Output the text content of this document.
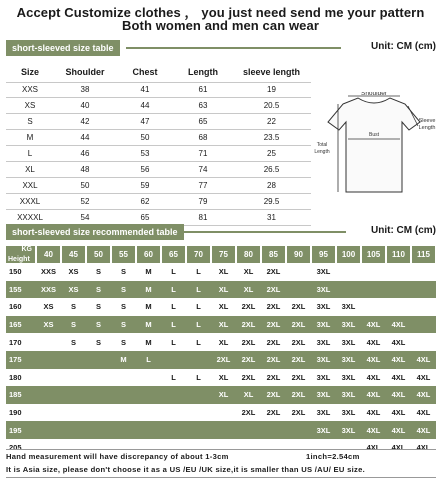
Accept Customize clothes ， you just need send me your pattern
Both women and men can wear
short-sleeved size table	Unit: CM (cm)
Size	Shoulder	Chest	Length	sleeve length
XXS	38	41	61	19
XS	40	44	63	20.5
S	42	47	65	22
M	44	50	68	23.5
L	46	53	71	25
XL	48	56	74	26.5
XXL	50	59	77	28
XXXL	52	62	79	29.5
XXXXL	54	65	81	31
Shoulder
Bust
Total
Length
Sleeve
Length
short-sleeved size recommended table	Unit: CM (cm)
KG
Height	40	45	50	55	60	65	70	75	80	85	90	95	100	105	110	115
150	XXS	XS	S	S	M	L	L	XL	XL	2XL		3XL				
155	XXS	XS	S	S	M	L	L	XL	XL	2XL		3XL				
160	XS	S	S	S	M	L	L	XL	2XL	2XL	2XL	3XL	3XL			
165	XS	S	S	S	M	L	L	XL	2XL	2XL	2XL	3XL	3XL	4XL	4XL	
170		S	S	S	M	L	L	XL	2XL	2XL	2XL	3XL	3XL	4XL	4XL	
175				M	L			2XL	2XL	2XL	2XL	3XL	3XL	4XL	4XL	4XL
180						L	L	XL	2XL	2XL	2XL	3XL	3XL	4XL	4XL	4XL
185								XL	XL	2XL	2XL	3XL	3XL	4XL	4XL	4XL
190									2XL	2XL	2XL	3XL	3XL	4XL	4XL	4XL
195												3XL	3XL	4XL	4XL	4XL
205														4XL	4XL	4XL
Hand measurement will have discrepancy of about 1-3cm	1inch=2.54cm
It is Asia size, please don't choose it as a US /EU /UK size,it is smaller than US /AU/ EU size.
